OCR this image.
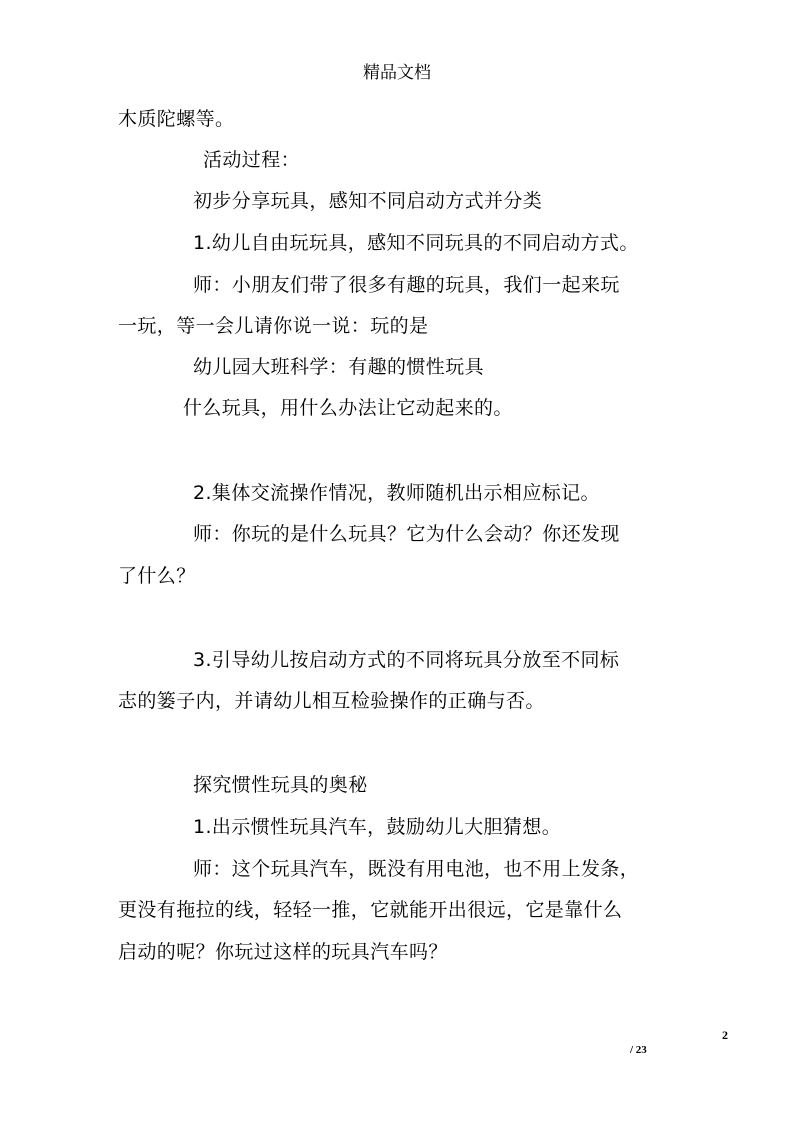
精品文档
木质陀螺等。
活动过程：
初步分享玩具，感知不同启动方式并分类
1.幼儿自由玩玩具，感知不同玩具的不同启动方式。
师：小朋友们带了很多有趣的玩具，我们一起来玩
一玩，等一会儿请你说一说：玩的是
幼儿园大班科学：有趣的惯性玩具
什么玩具，用什么办法让它动起来的。
2.集体交流操作情况，教师随机出示相应标记。
师：你玩的是什么玩具？它为什么会动？你还发现
了什么？
3.引导幼儿按启动方式的不同将玩具分放至不同标
志的篓子内，并请幼儿相互检验操作的正确与否。
探究惯性玩具的奥秘
1.出示惯性玩具汽车，鼓励幼儿大胆猜想。
师：这个玩具汽车，既没有用电池，也不用上发条，
更没有拖拉的线，轻轻一推，它就能开出很远，它是靠什么
启动的呢？你玩过这样的玩具汽车吗？
2
/ 23
